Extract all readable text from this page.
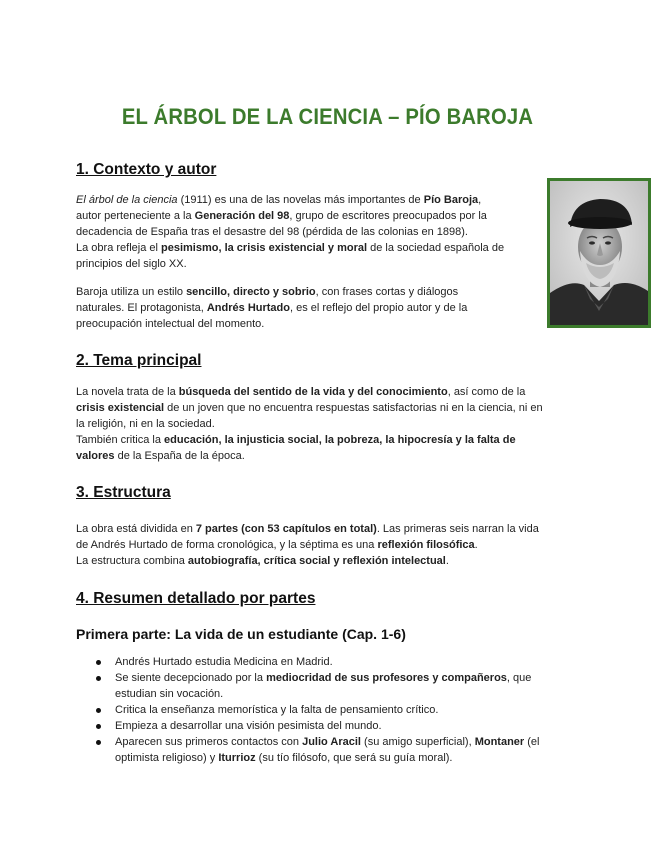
EL ÁRBOL DE LA CIENCIA – PÍO BAROJA
1. Contexto y autor
El árbol de la ciencia (1911) es una de las novelas más importantes de Pío Baroja,
autor perteneciente a la Generación del 98, grupo de escritores preocupados por la
decadencia de España tras el desastre del 98 (pérdida de las colonias en 1898).
La obra refleja el pesimismo, la crisis existencial y moral de la sociedad española de
principios del siglo XX.
Baroja utiliza un estilo sencillo, directo y sobrio, con frases cortas y diálogos
naturales. El protagonista, Andrés Hurtado, es el reflejo del propio autor y de la
preocupación intelectual del momento.
2. Tema principal
La novela trata de la búsqueda del sentido de la vida y del conocimiento, así como de la
crisis existencial de un joven que no encuentra respuestas satisfactorias ni en la ciencia, ni en
la religión, ni en la sociedad.
También critica la educación, la injusticia social, la pobreza, la hipocresía y la falta de
valores de la España de la época.
3. Estructura
La obra está dividida en 7 partes (con 53 capítulos en total). Las primeras seis narran la vida
de Andrés Hurtado de forma cronológica, y la séptima es una reflexión filosófica.
La estructura combina autobiografía, crítica social y reflexión intelectual.
4. Resumen detallado por partes
Primera parte: La vida de un estudiante (Cap. 1-6)
Andrés Hurtado estudia Medicina en Madrid.
Se siente decepcionado por la mediocridad de sus profesores y compañeros, que
estudian sin vocación.
Critica la enseñanza memorística y la falta de pensamiento crítico.
Empieza a desarrollar una visión pesimista del mundo.
Aparecen sus primeros contactos con Julio Aracil (su amigo superficial), Montaner (el
optimista religioso) y Iturrioz (su tío filósofo, que será su guía moral).
